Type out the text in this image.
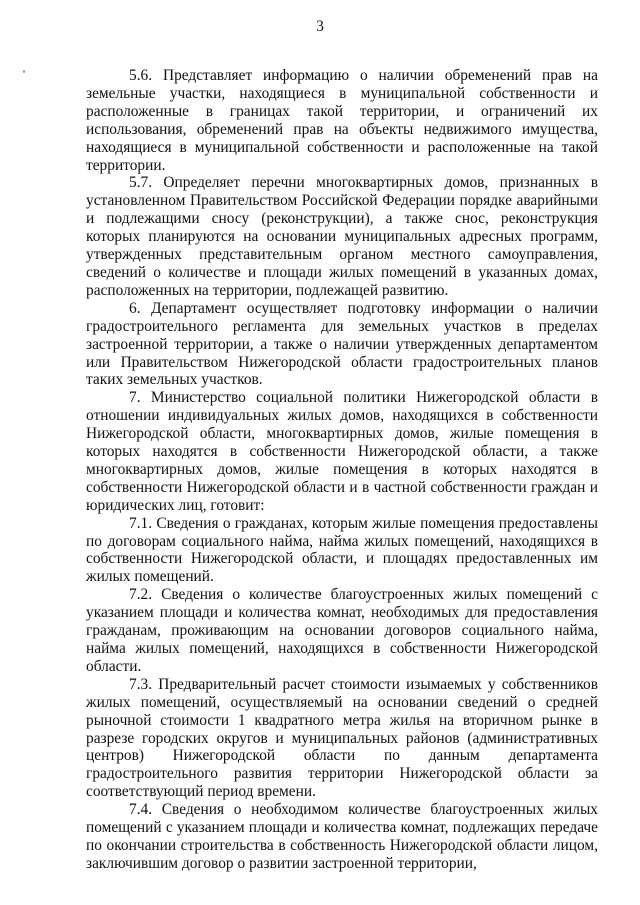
3

5.6. Представляет информацию о наличии обременений прав на земельные участки, находящиеся в муниципальной собственности и расположенные в границах такой территории, и ограничений их использования, обременений прав на объекты недвижимого имущества, находящиеся в муниципальной собственности и расположенные на такой территории.

5.7. Определяет перечни многоквартирных домов, признанных в установленном Правительством Российской Федерации порядке аварийными и подлежащими сносу (реконструкции), а также снос, реконструкция которых планируются на основании муниципальных адресных программ, утвержденных представительным органом местного самоуправления, сведений о количестве и площади жилых помещений в указанных домах, расположенных на территории, подлежащей развитию.

6. Департамент осуществляет подготовку информации о наличии градостроительного регламента для земельных участков в пределах застроенной территории, а также о наличии утвержденных департаментом или Правительством Нижегородской области градостроительных планов таких земельных участков.

7. Министерство социальной политики Нижегородской области в отношении индивидуальных жилых домов, находящихся в собственности Нижегородской области, многоквартирных домов, жилые помещения в которых находятся в собственности Нижегородской области, а также многоквартирных домов, жилые помещения в которых находятся в собственности Нижегородской области и в частной собственности граждан и юридических лиц, готовит:

7.1. Сведения о гражданах, которым жилые помещения предоставлены по договорам социального найма, найма жилых помещений, находящихся в собственности Нижегородской области, и площадях предоставленных им жилых помещений.

7.2. Сведения о количестве благоустроенных жилых помещений с указанием площади и количества комнат, необходимых для предоставления гражданам, проживающим на основании договоров социального найма, найма жилых помещений, находящихся в собственности Нижегородской области.

7.3. Предварительный расчет стоимости изымаемых у собственников жилых помещений, осуществляемый на основании сведений о средней рыночной стоимости 1 квадратного метра жилья на вторичном рынке в разрезе городских округов и муниципальных районов (административных центров) Нижегородской области по данным департамента градостроительного развития территории Нижегородской области за соответствующий период времени.

7.4. Сведения о необходимом количестве благоустроенных жилых помещений с указанием площади и количества комнат, подлежащих передаче по окончании строительства в собственность Нижегородской области лицом, заключившим договор о развитии застроенной территории,
